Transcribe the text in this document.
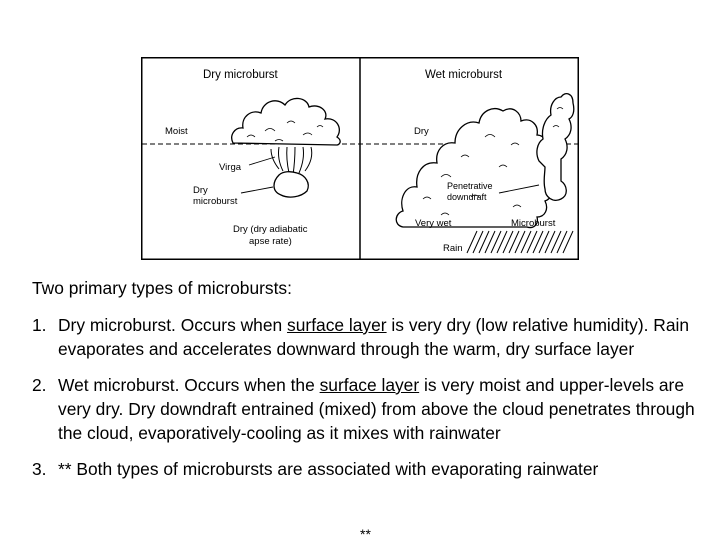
Dry microburst	Wet microburst
Moist	Dry
Virga
Dry
microburst
Dry (dry adiabatic
apse rate)
Penetrative
downdraft
Very wet	Microburst
Rain

Two primary types of microbursts:

1. Dry microburst. Occurs when surface layer is very dry (low relative humidity). Rain evaporates and accelerates downward through the warm, dry surface layer
2. Wet microburst. Occurs when the surface layer is very moist and upper-levels are very dry. Dry downdraft entrained (mixed) from above the cloud penetrates through the cloud, evaporatively-cooling as it mixes with rainwater
3. ** Both types of microbursts are associated with evaporating rainwater
**
